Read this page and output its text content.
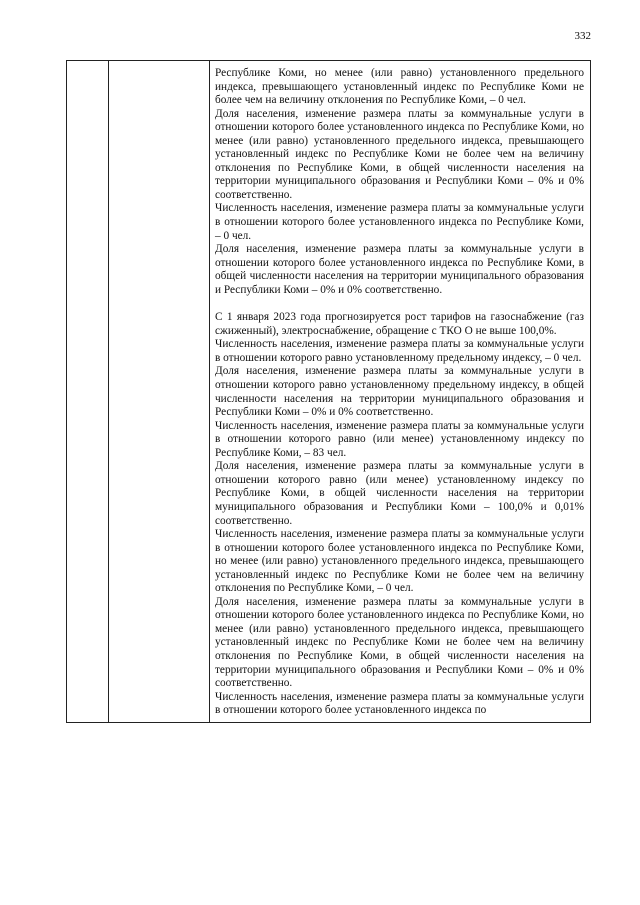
332

Республике Коми, но менее (или равно) установленного предельного индекса, превышающего установленный индекс по Республике Коми не более чем на величину отклонения по Республике Коми, – 0 чел.

Доля населения, изменение размера платы за коммунальные услуги в отношении которого более установленного индекса по Республике Коми, но менее (или равно) установленного предельного индекса, превышающего установленный индекс по Республике Коми не более чем на величину отклонения по Республике Коми, в общей численности населения на территории муниципального образования и Республики Коми – 0% и 0% соответственно.

Численность населения, изменение размера платы за коммунальные услуги в отношении которого более установленного индекса по Республике Коми, – 0 чел.

Доля населения, изменение размера платы за коммунальные услуги в отношении которого более установленного индекса по Республике Коми, в общей численности населения на территории муниципального образования и Республики Коми – 0% и 0% соответственно.

С 1 января 2023 года прогнозируется рост тарифов на газоснабжение (газ сжиженный), электроснабжение, обращение с ТКО О не выше 100,0%.

Численность населения, изменение размера платы за коммунальные услуги в отношении которого равно установленному предельному индексу, – 0 чел.

Доля населения, изменение размера платы за коммунальные услуги в отношении которого равно установленному предельному индексу, в общей численности населения на территории муниципального образования и Республики Коми – 0% и 0% соответственно.

Численность населения, изменение размера платы за коммунальные услуги в отношении которого равно (или менее) установленному индексу по Республике Коми, – 83 чел.

Доля населения, изменение размера платы за коммунальные услуги в отношении которого равно (или менее) установленному индексу по Республике Коми, в общей численности населения на территории муниципального образования и Республики Коми – 100,0% и 0,01% соответственно.

Численность населения, изменение размера платы за коммунальные услуги в отношении которого более установленного индекса по Республике Коми, но менее (или равно) установленного предельного индекса, превышающего установленный индекс по Республике Коми не более чем на величину отклонения по Республике Коми, – 0 чел.

Доля населения, изменение размера платы за коммунальные услуги в отношении которого более установленного индекса по Республике Коми, но менее (или равно) установленного предельного индекса, превышающего установленный индекс по Республике Коми не более чем на величину отклонения по Республике Коми, в общей численности населения на территории муниципального образования и Республики Коми – 0% и 0% соответственно.

Численность населения, изменение размера платы за коммунальные услуги в отношении которого более установленного индекса по
